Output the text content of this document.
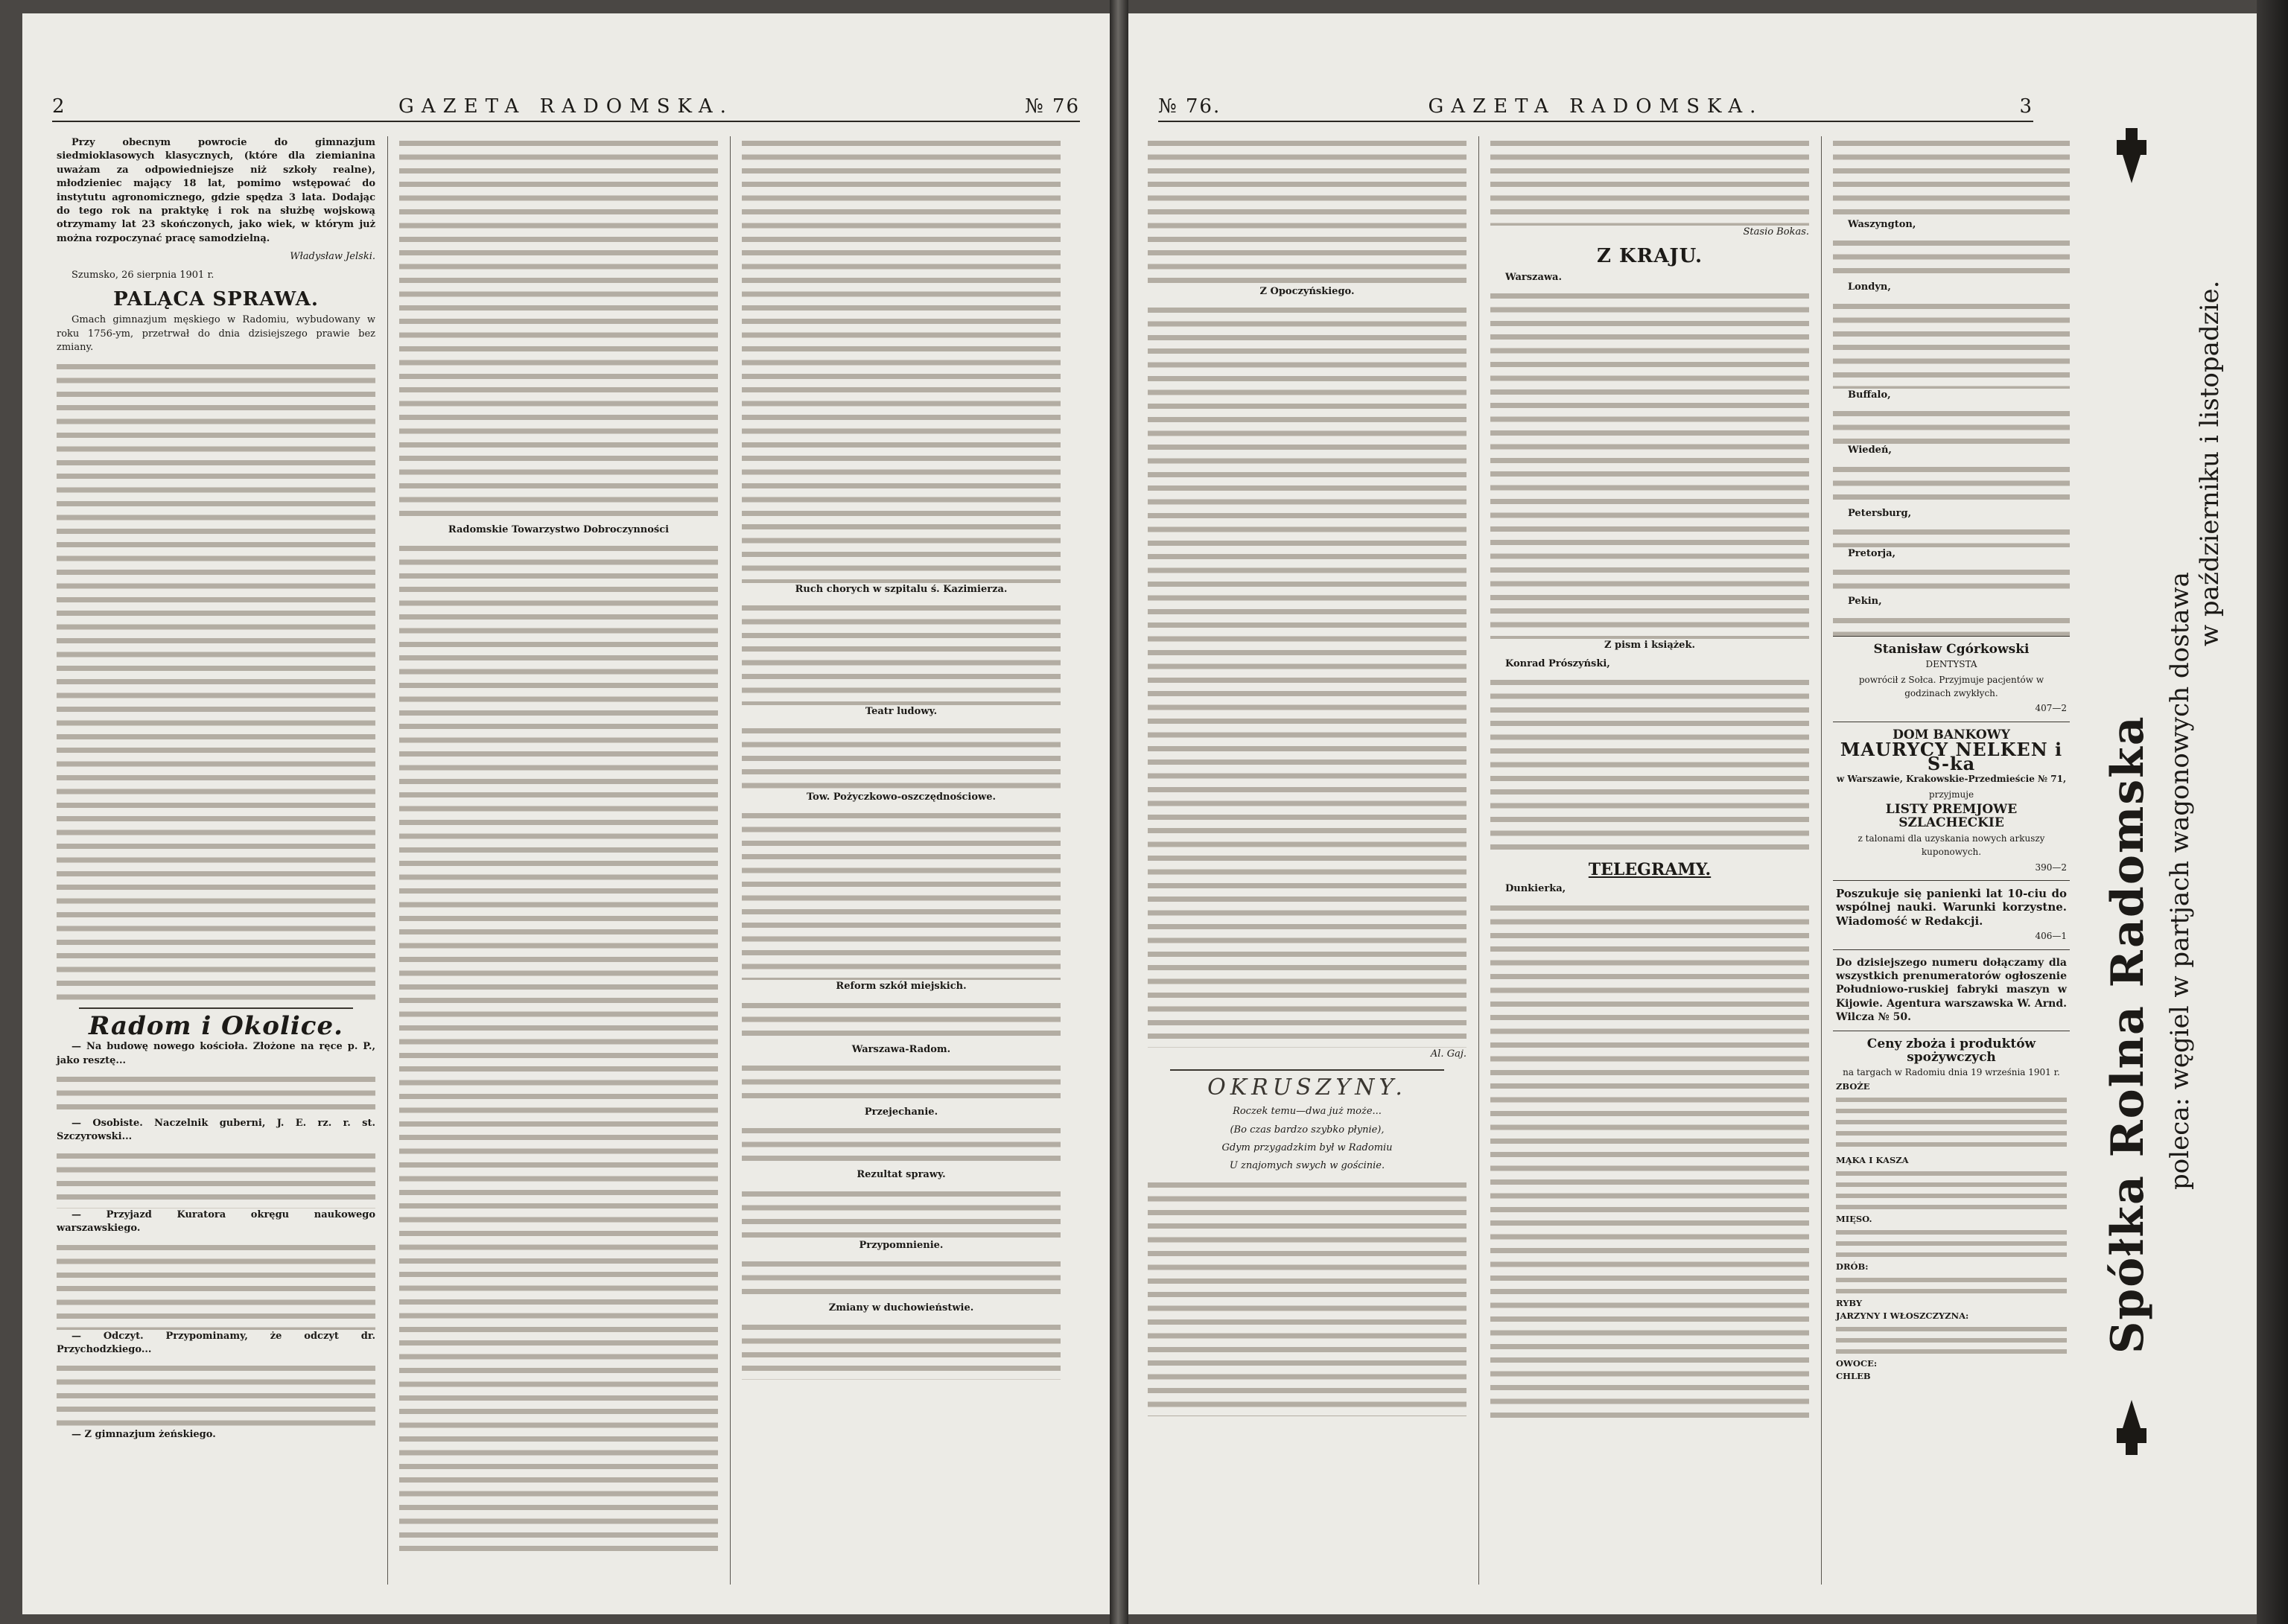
2	GAZETA RADOMSKA.	№ 76

Przy obecnym powrocie do gimnazjum siedmioklasowych klasycznych, (które dla ziemianina uważam za odpowiedniejsze niż szkoły realne), młodzieniec mający 18 lat, pomimo wstępować do instytutu agronomicznego, gdzie spędza 3 lata. Dodając do tego rok na praktykę i rok na służbę wojskową otrzymamy lat 23 skończonych, jako wiek, w którym już można rozpoczynać pracę samodzielną.

Władysław Jelski.

Szumsko, 26 sierpnia 1901 r.

PALĄCA SPRAWA.

Gmach gimnazjum męskiego w Radomiu, wybudowany w roku 1756-ym, przetrwał do dnia dzisiejszego prawie bez zmiany.

Radom i Okolice.

— Na budowę nowego kościoła. Złożone na ręce p. P., jako resztę...

— Osobiste. Naczelnik guberni, J. E. rz. r. st. Szczyrowski...

— Przyjazd Kuratora okręgu naukowego warszawskiego.

— Odczyt. Przypominamy, że odczyt dr. Przychodzkiego...

— Z gimnazjum żeńskiego.

Radomskie Towarzystwo Dobroczynności

Ruch chorych w szpitalu ś. Kazimierza.

Teatr ludowy.

Tow. Pożyczkowo-oszczędnościowe.

Reform szkół miejskich.

Warszawa-Radom.

Przejechanie.

Rezultat sprawy.

Przypomnienie.

Zmiany w duchowieństwie.

№ 76.	GAZETA RADOMSKA.	3

Z Opoczyńskiego.

Al. Gaj.

OKRUSZYNY.

Roczek temu—dwa już może...

(Bo czas bardzo szybko płynie),

Gdym przygadzkim był w Radomiu

U znajomych swych w gościnie.

Stasio Bokas.

Z KRAJU.

Warszawa.

Z pism i książek.

Konrad Prószyński,

TELEGRAMY.

Dunkierka,

Waszyngton,

Londyn,

Buffalo,

Wiedeń,

Petersburg,

Pretorja,

Pekin,

Stanisław Cgórkowski

DENTYSTA

powrócił z Sołca. Przyjmuje pacjentów w godzinach zwykłych.

407—2

DOM BANKOWY

MAURYCY NELKEN i S-ka

w Warszawie, Krakowskie-Przedmieście № 71,

przyjmuje

LISTY PREMJOWE SZLACHECKIE

z talonami dla uzyskania nowych arkuszy kuponowych.

390—2

Poszukuje się panienki lat 10-ciu do wspólnej nauki. Warunki korzystne. Wiadomość w Redakcji.

406—1

Do dzisiejszego numeru dołączamy dla wszystkich prenumeratorów ogłoszenie Południowo-ruskiej fabryki maszyn w Kijowie. Agentura warszawska W. Arnd. Wilcza № 50.

Ceny zboża i produktów spożywczych

na targach w Radomiu dnia 19 września 1901 r.

ZBOŻE

MĄKA I KASZA

MIĘSO.

DRÓB:

RYBY

JARZYNY I WŁOSZCZYZNA:

OWOCE:

CHLEB

Spółka Rolna Radomska poleca: węgiel w partjach wagonowych dostawa
w październiku i listopadzie.
